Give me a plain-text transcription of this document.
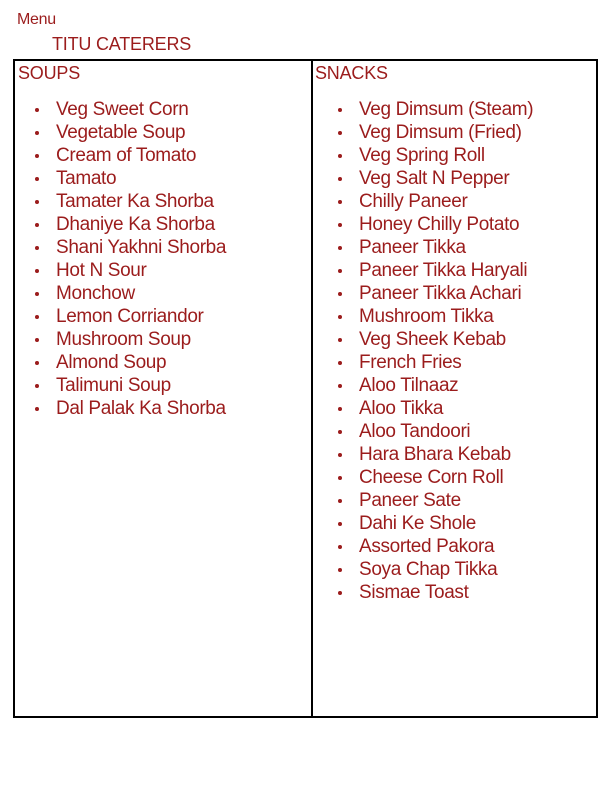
Menu
TITU CATERERS
SOUPS
Veg Sweet Corn
Vegetable Soup
Cream of Tomato
Tamato
Tamater Ka Shorba
Dhaniye Ka Shorba
Shani Yakhni Shorba
Hot N Sour
Monchow
Lemon Corriandor
Mushroom Soup
Almond Soup
Talimuni Soup
Dal Palak Ka Shorba
SNACKS
Veg Dimsum (Steam)
Veg Dimsum (Fried)
Veg Spring Roll
Veg Salt N Pepper
Chilly Paneer
Honey Chilly Potato
Paneer Tikka
Paneer Tikka Haryali
Paneer Tikka Achari
Mushroom Tikka
Veg Sheek Kebab
French Fries
Aloo Tilnaaz
Aloo Tikka
Aloo Tandoori
Hara Bhara Kebab
Cheese Corn Roll
Paneer Sate
Dahi Ke Shole
Assorted Pakora
Soya Chap Tikka
Sismae Toast
